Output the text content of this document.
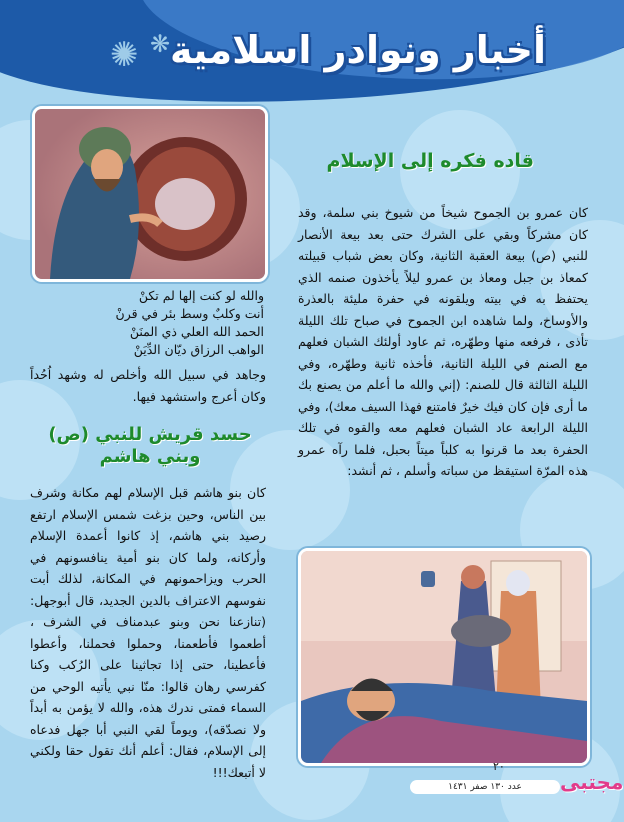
✺ ❋ أخبار ونوادر اسلامية
قاده فكره إلى الإسلام

كان عمرو بن الجموح شيخاً من شيوخ بني سلمة، وقد كان مشركاً وبقي على الشرك حتى بعد بيعة الأنصار للنبي (ص) بيعة العقبة الثانية، وكان بعض شباب قبيلته كمعاذ بن جبل ومعاذ بن عمرو ليلاً يأخذون صنمه الذي يحتفظ به في بيته ويلقونه في حفرة مليئة بالعذرة والأوساخ، ولما شاهده ابن الجموح في صباح تلك الليلة تأذى ، فرفعه منها وطهّره، ثم عاود أولئك الشبان فعلهم مع الصنم في الليلة الثانية، فأخذه ثانية وطهّره، وفي الليلة الثالثة قال للصنم: (إني والله ما أعلم من يصنع بك ما أرى فإن كان فيك خيرٌ فامتنع فهذا السيف معك)، وفي الليلة الرابعة عاد الشبان فعلهم معه والقوه في تلك الحفرة بعد ما قرنوا به كلباً ميتاً بحبل، فلما رآه عمرو هذه المرّة استيقظ من سباته وأسلم ، ثم أنشد:

والله لو كنت إلها لم تكنْ
أنت وكلبٌ وسط بئر في قرنْ
الحمد الله العلي ذي المنَنْ
الواهب الرزاق ديّان الدِّيَنْ

وجاهد في سبيل الله وأخلص له وشهد اُحُداً وكان أعرج واستشهد فيها.

حسد قريش للنبي (ص)
وبني هاشم

كان بنو هاشم قبل الإسلام لهم مكانة وشرف بين الناس، وحين بزغت شمس الإسلام ارتفع رصيد بني هاشم، إذ كانوا أعمدة الإسلام وأركانه، ولما كان بنو أمية ينافسونهم في الحرب ويزاحمونهم في المكانة، لذلك أبت نفوسهم الاعتراف بالدين الجديد، قال أبوجهل: (تنازعنا نحن وبنو عبدمناف في الشرف ، أطعموا فأطعمنا، وحملوا فحملنا، وأعطوا فأعطينا، حتى إذا تجاثينا على الرُكب وكنا كفرسي رهان قالوا: منّا نبي يأتيه الوحي من السماء فمتى ندرك هذه، والله لا يؤمن به أبداً ولا نصدّقه)، ويوماً لقي النبي أبا جهل فدعاه إلى الإسلام، فقال: أعلم أنك تقول حقا ولكني لا أتبعك!!!	٢٠
عدد ١٣٠ صفر ١٤٣١	مجتبى
